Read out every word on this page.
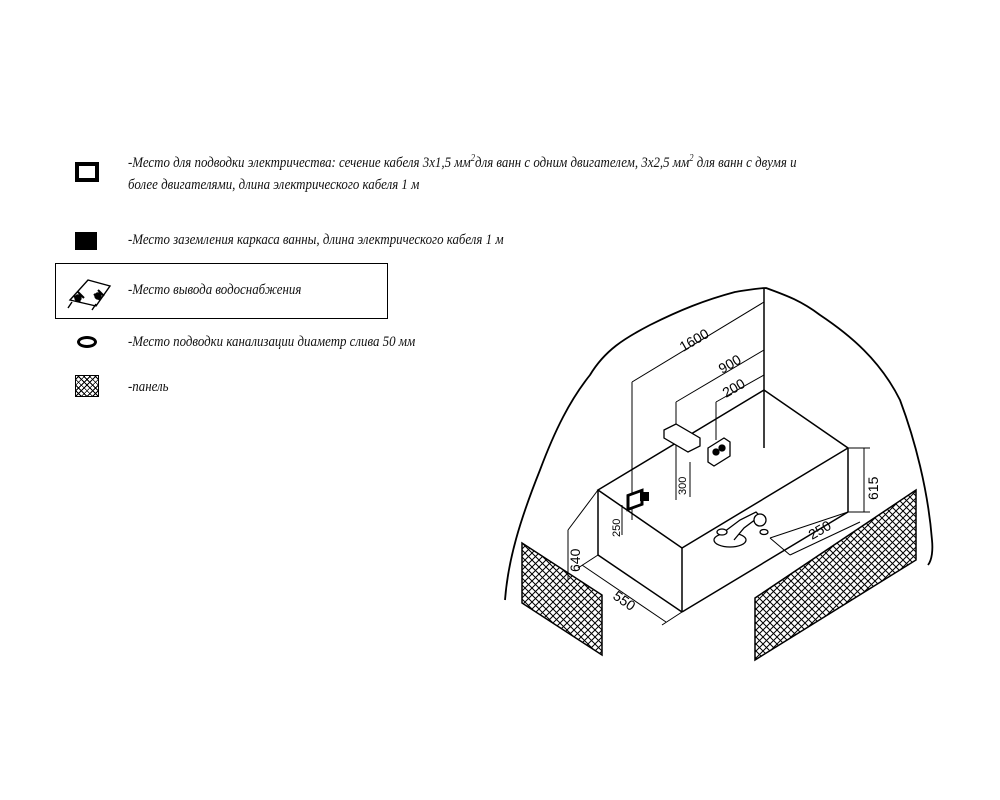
-Место для подводки электричества: сечение кабеля 3х1,5 $мм^2для$ ванн с одним двигателем, 3х2,5 $мм^2$ для ванн с двумя и
более двигателями, длина электрического кабеля 1 м
-Место заземления каркаса ванны, длина электрического кабеля 1 м
-Место вывода водоснабжения
-Место подводки канализации диаметр слива 50 мм
-панель
1600
900
200
300
250
615
250
550
640
